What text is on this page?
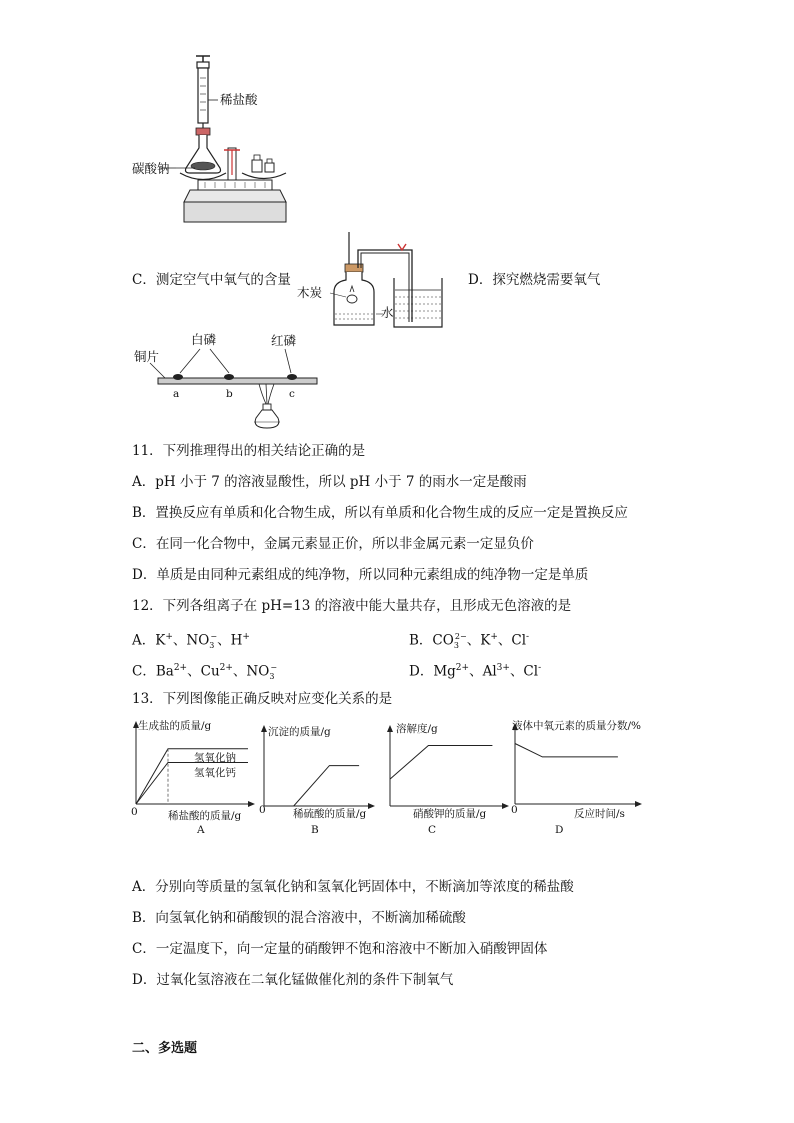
稀盐酸
碳酸钠
C．测定空气中氧气的含量	D．探究燃烧需要氧气
木炭
水
铜片
白磷	红磷
a	b	c
11．下列推理得出的相关结论正确的是
A．pH 小于 7 的溶液显酸性，所以 pH 小于 7 的雨水一定是酸雨
B．置换反应有单质和化合物生成，所以有单质和化合物生成的反应一定是置换反应
C．在同一化合物中，金属元素显正价，所以非金属元素一定显负价
D．单质是由同种元素组成的纯净物，所以同种元素组成的纯净物一定是单质
12．下列各组离子在 pH=13 的溶液中能大量共存，且形成无色溶液的是
A．K+、$NO_3^-$、H+	B．$CO_3^{2-}$、K+、Cl-
C．$Ba^{2+}$、$Cu^{2+}$、$NO_3^-$	D．$Mg^{2+}$、$Al^{3+}$、Cl-
13．下列图像能正确反映对应变化关系的是
生成盐的质量/g
稀盐酸的质量/g
0
氢氧化钠
氢氧化钙
A
沉淀的质量/g
稀硫酸的质量/g
0
B
溶解度/g
硝酸钾的质量/g
C
液体中氧元素的质量分数/%
反应时间/s
0
D
A．分别向等质量的氢氧化钠和氢氧化钙固体中，不断滴加等浓度的稀盐酸
B．向氢氧化钠和硝酸钡的混合溶液中，不断滴加稀硫酸
C．一定温度下，向一定量的硝酸钾不饱和溶液中不断加入硝酸钾固体
D．过氧化氢溶液在二氧化锰做催化剂的条件下制氧气
二、多选题
